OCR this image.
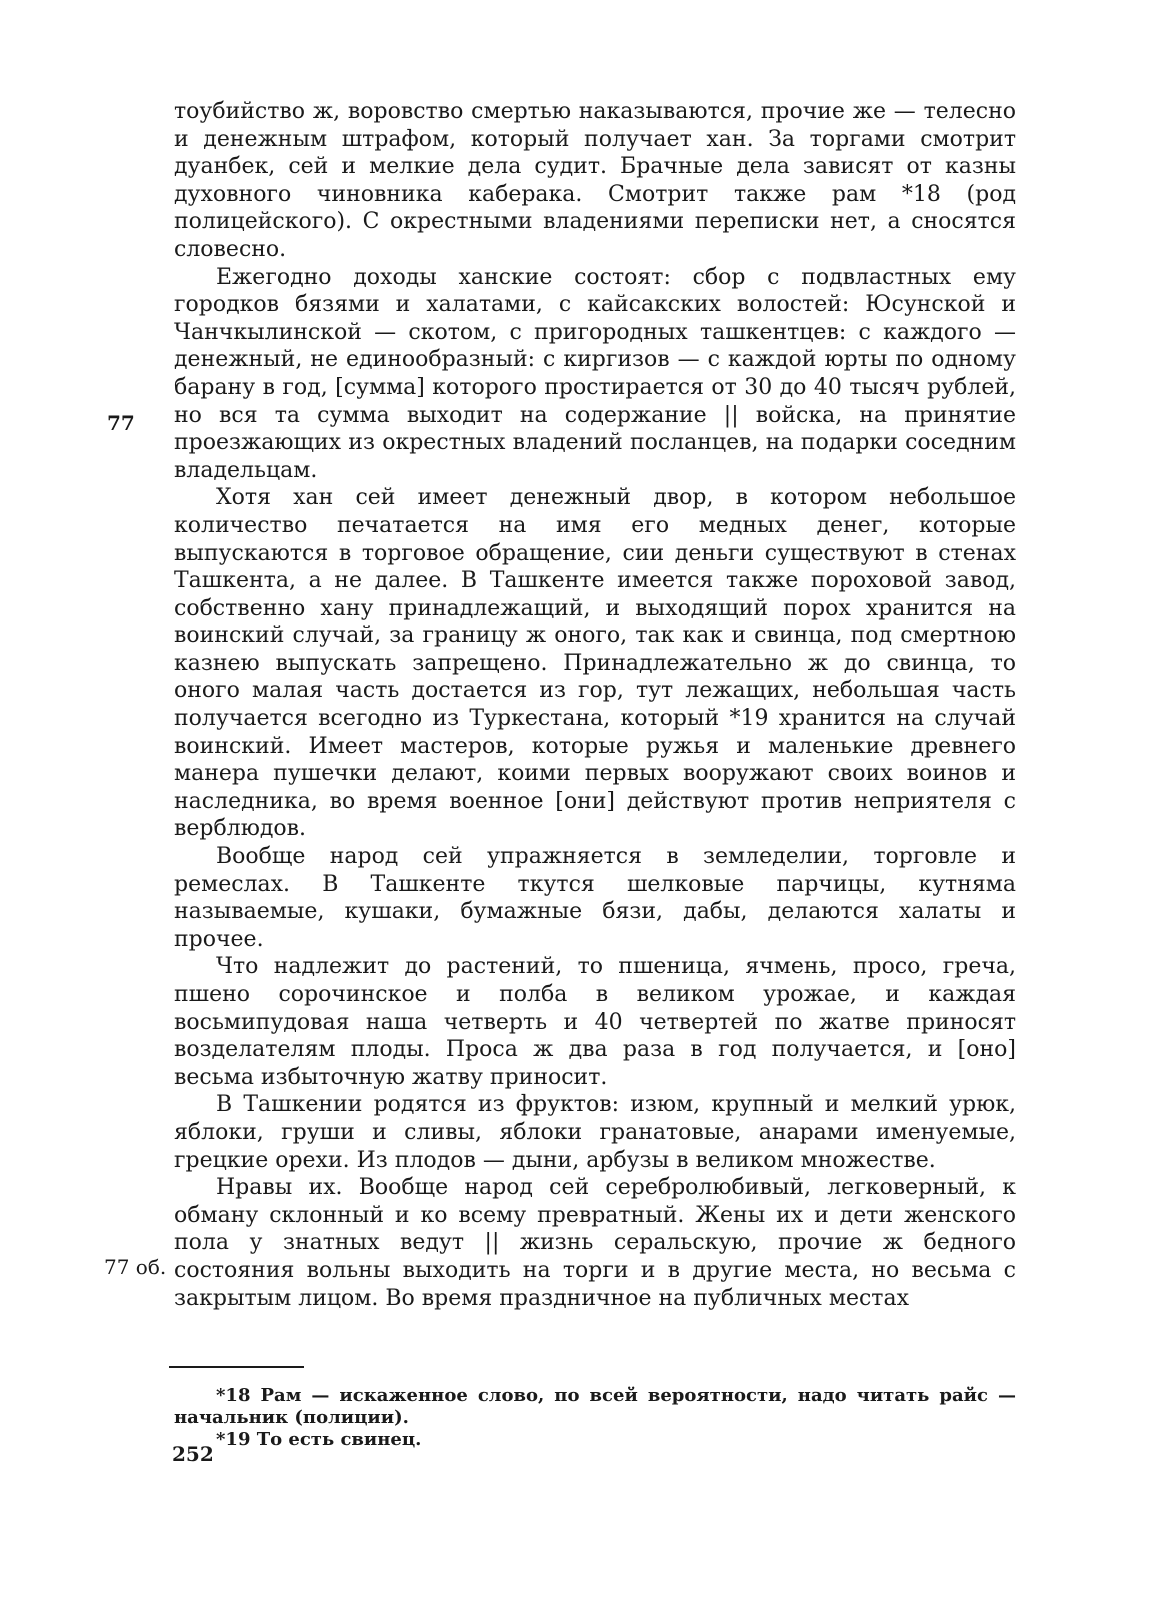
тоубийство ж, воровство смертью наказываются, прочие же — телесно и денежным штрафом, который получает хан. За торгами смотрит дуанбек, сей и мелкие дела судит. Брачные дела зависят от казны духовного чиновника каберака. Смотрит также рам *18 (род полицейского). С окрестными владениями переписки нет, а сносятся словесно.

Ежегодно доходы ханские состоят: сбор с подвластных ему городков бязями и халатами, с кайсакских волостей: Юсунской и Чанчкылинской — скотом, с пригородных ташкентцев: с каждого — денежный, не единообразный: с киргизов — с каждой юрты по одному барану в год, [сумма] которого простирается от 30 до 40 тысяч рублей, но вся та сумма выходит на содержание || войска, на принятие проезжающих из окрестных владений посланцев, на подарки соседним владельцам.

Хотя хан сей имеет денежный двор, в котором небольшое количество печатается на имя его медных денег, которые выпускаются в торговое обращение, сии деньги существуют в стенах Ташкента, а не далее. В Ташкенте имеется также пороховой завод, собственно хану принадлежащий, и выходящий порох хранится на воинский случай, за границу ж оного, так как и свинца, под смертною казнею выпускать запрещено. Принадлежательно ж до свинца, то оного малая часть достается из гор, тут лежащих, небольшая часть получается всегодно из Туркестана, который *19 хранится на случай воинский. Имеет мастеров, которые ружья и маленькие древнего манера пушечки делают, коими первых вооружают своих воинов и наследника, во время военное [они] действуют против неприятеля с верблюдов.

Вообще народ сей упражняется в земледелии, торговле и ремеслах. В Ташкенте ткутся шелковые парчицы, кутняма называемые, кушаки, бумажные бязи, дабы, делаются халаты и прочее.

Что надлежит до растений, то пшеница, ячмень, просо, греча, пшено сорочинское и полба в великом урожае, и каждая восьмипудовая наша четверть и 40 четвертей по жатве приносят возделателям плоды. Проса ж два раза в год получается, и [оно] весьма избыточную жатву приносит.

В Ташкении родятся из фруктов: изюм, крупный и мелкий урюк, яблоки, груши и сливы, яблоки гранатовые, анарами именуемые, грецкие орехи. Из плодов — дыни, арбузы в великом множестве.

Нравы их. Вообще народ сей серебролюбивый, легковерный, к обману склонный и ко всему превратный. Жены их и дети женского пола у знатных ведут || жизнь серальскую, прочие ж бедного состояния вольны выходить на торги и в другие места, но весьма с закрытым лицом. Во время праздничное на публичных местах

77
77 об.

*18 Рам — искаженное слово, по всей вероятности, надо читать райс — начальник (полиции).

*19 То есть свинец.

252
